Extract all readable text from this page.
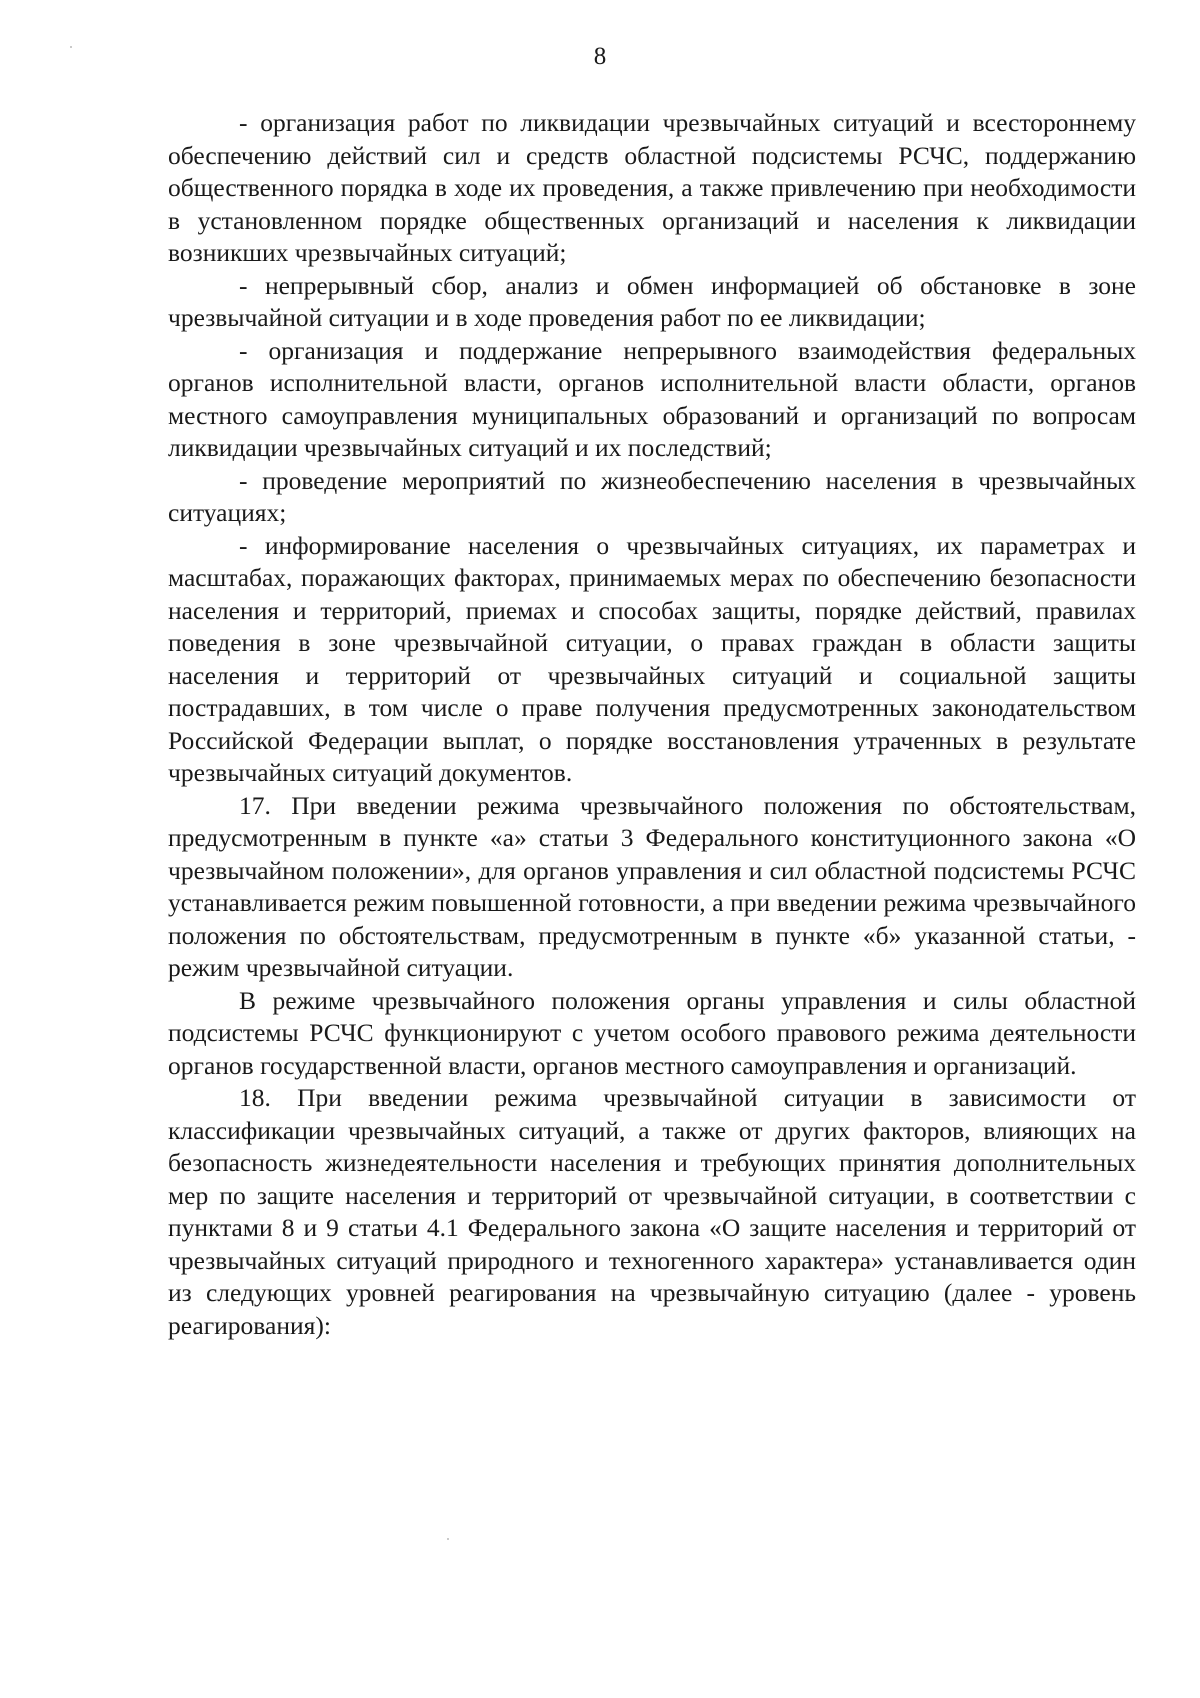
8

- организация работ по ликвидации чрезвычайных ситуаций и всестороннему обеспечению действий сил и средств областной подсистемы РСЧС, поддержанию общественного порядка в ходе их проведения, а также привлечению при необходимости в установленном порядке общественных организаций и населения к ликвидации возникших чрезвычайных ситуаций;

- непрерывный сбор, анализ и обмен информацией об обстановке в зоне чрезвычайной ситуации и в ходе проведения работ по ее ликвидации;

- организация и поддержание непрерывного взаимодействия федеральных органов исполнительной власти, органов исполнительной власти области, органов местного самоуправления муниципальных образований и организаций по вопросам ликвидации чрезвычайных ситуаций и их последствий;

- проведение мероприятий по жизнеобеспечению населения в чрезвычайных ситуациях;

- информирование населения о чрезвычайных ситуациях, их параметрах и масштабах, поражающих факторах, принимаемых мерах по обеспечению безопасности населения и территорий, приемах и способах защиты, порядке действий, правилах поведения в зоне чрезвычайной ситуации, о правах граждан в области защиты населения и территорий от чрезвычайных ситуаций и социальной защиты пострадавших, в том числе о праве получения предусмотренных законодательством Российской Федерации выплат, о порядке восстановления утраченных в результате чрезвычайных ситуаций документов.

17. При введении режима чрезвычайного положения по обстоятельствам, предусмотренным в пункте «а» статьи 3 Федерального конституционного закона «О чрезвычайном положении», для органов управления и сил областной подсистемы РСЧС устанавливается режим повышенной готовности, а при введении режима чрезвычайного положения по обстоятельствам, предусмотренным в пункте «б» указанной статьи, - режим чрезвычайной ситуации.

В режиме чрезвычайного положения органы управления и силы областной подсистемы РСЧС функционируют с учетом особого правового режима деятельности органов государственной власти, органов местного самоуправления и организаций.

18. При введении режима чрезвычайной ситуации в зависимости от классификации чрезвычайных ситуаций, а также от других факторов, влияющих на безопасность жизнедеятельности населения и требующих принятия дополнительных мер по защите населения и территорий от чрезвычайной ситуации, в соответствии с пунктами 8 и 9 статьи 4.1 Федерального закона «О защите населения и территорий от чрезвычайных ситуаций природного и техногенного характера» устанавливается один из следующих уровней реагирования на чрезвычайную ситуацию (далее - уровень реагирования):
